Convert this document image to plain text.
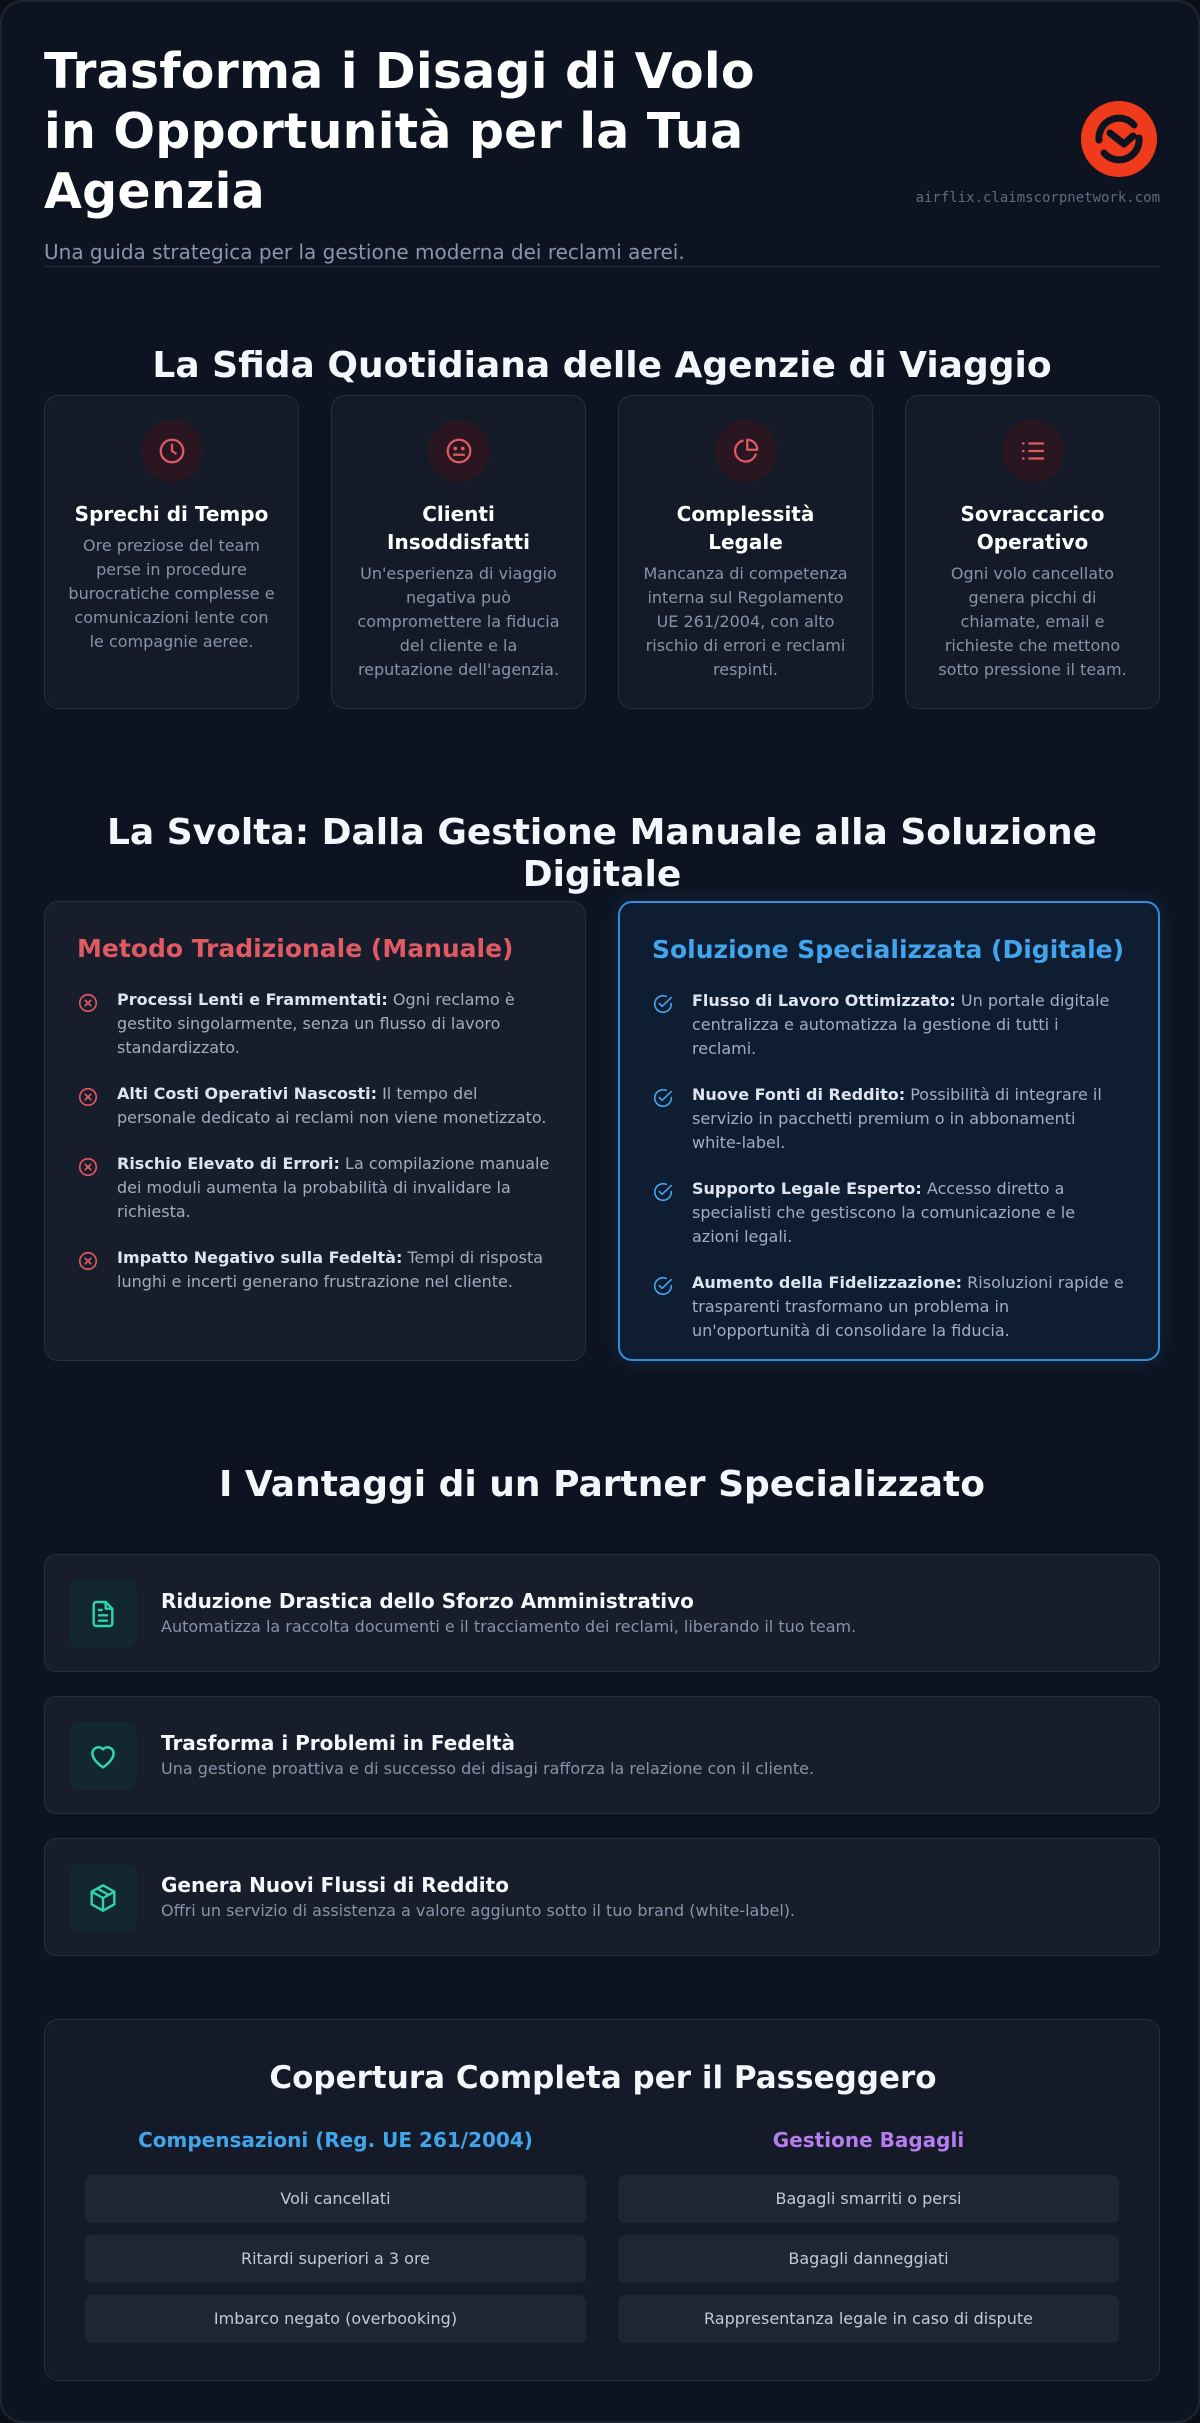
Trasforma i Disagi di Volo in Opportunità per la Tua Agenzia
Una guida strategica per la gestione moderna dei reclami aerei.
airflix.claimscorpnetwork.com
La Sfida Quotidiana delle Agenzie di Viaggio
Sprechi di Tempo
Ore preziose del team perse in procedure burocratiche complesse e comunicazioni lente con le compagnie aeree.
Clienti Insoddisfatti
Un'esperienza di viaggio negativa può compromettere la fiducia del cliente e la reputazione dell'agenzia.
Complessità Legale
Mancanza di competenza interna sul Regolamento UE 261/2004, con alto rischio di errori e reclami respinti.
Sovraccarico Operativo
Ogni volo cancellato genera picchi di chiamate, email e richieste che mettono sotto pressione il team.
La Svolta: Dalla Gestione Manuale alla Soluzione Digitale
Metodo Tradizionale (Manuale)
Processi Lenti e Frammentati: Ogni reclamo è gestito singolarmente, senza un flusso di lavoro standardizzato.
Alti Costi Operativi Nascosti: Il tempo del personale dedicato ai reclami non viene monetizzato.
Rischio Elevato di Errori: La compilazione manuale dei moduli aumenta la probabilità di invalidare la richiesta.
Impatto Negativo sulla Fedeltà: Tempi di risposta lunghi e incerti generano frustrazione nel cliente.
Soluzione Specializzata (Digitale)
Flusso di Lavoro Ottimizzato: Un portale digitale centralizza e automatizza la gestione di tutti i reclami.
Nuove Fonti di Reddito: Possibilità di integrare il servizio in pacchetti premium o in abbonamenti white-label.
Supporto Legale Esperto: Accesso diretto a specialisti che gestiscono la comunicazione e le azioni legali.
Aumento della Fidelizzazione: Risoluzioni rapide e trasparenti trasformano un problema in un'opportunità di consolidare la fiducia.
I Vantaggi di un Partner Specializzato
Riduzione Drastica dello Sforzo Amministrativo
Automatizza la raccolta documenti e il tracciamento dei reclami, liberando il tuo team.
Trasforma i Problemi in Fedeltà
Una gestione proattiva e di successo dei disagi rafforza la relazione con il cliente.
Genera Nuovi Flussi di Reddito
Offri un servizio di assistenza a valore aggiunto sotto il tuo brand (white-label).
Copertura Completa per il Passeggero
Compensazioni (Reg. UE 261/2004)
Voli cancellati
Ritardi superiori a 3 ore
Imbarco negato (overbooking)
Gestione Bagagli
Bagagli smarriti o persi
Bagagli danneggiati
Rappresentanza legale in caso di dispute
